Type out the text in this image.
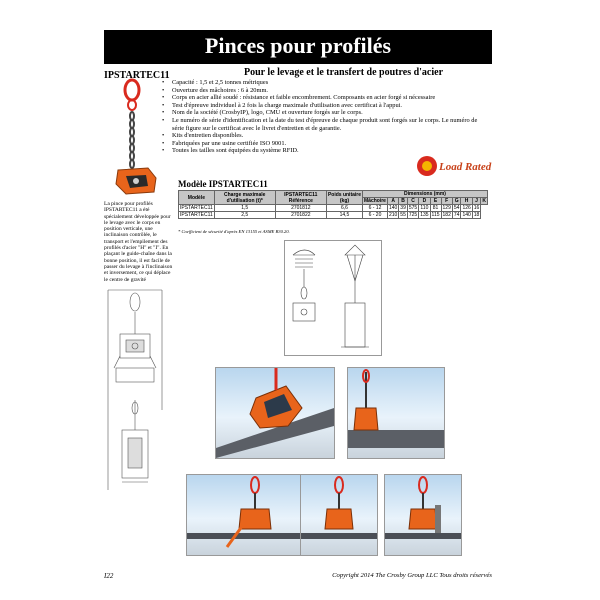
Pinces pour profilés
IPSTARTEC11
La pince pour profilés IPSTARTEC11 a été spécialement développée pour le levage avec le corps en position verticale, une inclinaison contrôlée, le transport et l'empilement des profilés d'acier "H" et "I". En plaçant le guide-chaîne dans la bonne position, il est facile de passer du levage à l'inclinaison et inversement, ce qui déplace le centre de gravité
Pour le levage et le transfert de poutres d'acier
• Capacité : 1,5 et 2,5 tonnes métriques
• Ouverture des mâchoires : 6 à 20mm.
• Corps en acier allié soudé : résistance et faible encombrement. Composants en acier forgé si nécessaire
• Test d'épreuve individuel à 2 fois la charge maximale d'utilisation avec certificat à l'appui.
• Nom de la société (CrosbyIP), logo, CMU et ouverture forgés sur le corps.
• Le numéro de série d'identification et la date du test d'épreuve de chaque produit sont forgés sur le corps. Le numéro de série figure sur le certificat avec le livret d'entretien et de garantie.
• Kits d'entretien disponibles.
• Fabriquées par une usine certifiée ISO 9001.
• Toutes les tailles sont équipées du système RFID.
Load Rated
Modèle IPSTARTEC11
Modèle	Charge maximale d'utilisation (t)*	IPSTARTEC11 Référence	Poids unitaire (kg)	Dimensions (mm)										
				Mâchoire	A	B	C	D	E	F	G	H	J	K
IPSTARTEC11	1,5	2701812	6,6	6 - 12	140	39	575	110	81	129	54	126	16	
IPSTARTEC11	2,5	2701822	14,5	6 - 20	210	55	725	135	115	182	74	140	18	
* Coefficient de sécurité d'après EN 13155 et ASME B30.20.
I22	Copyright 2014 The Crosby Group LLC Tous droits réservés
